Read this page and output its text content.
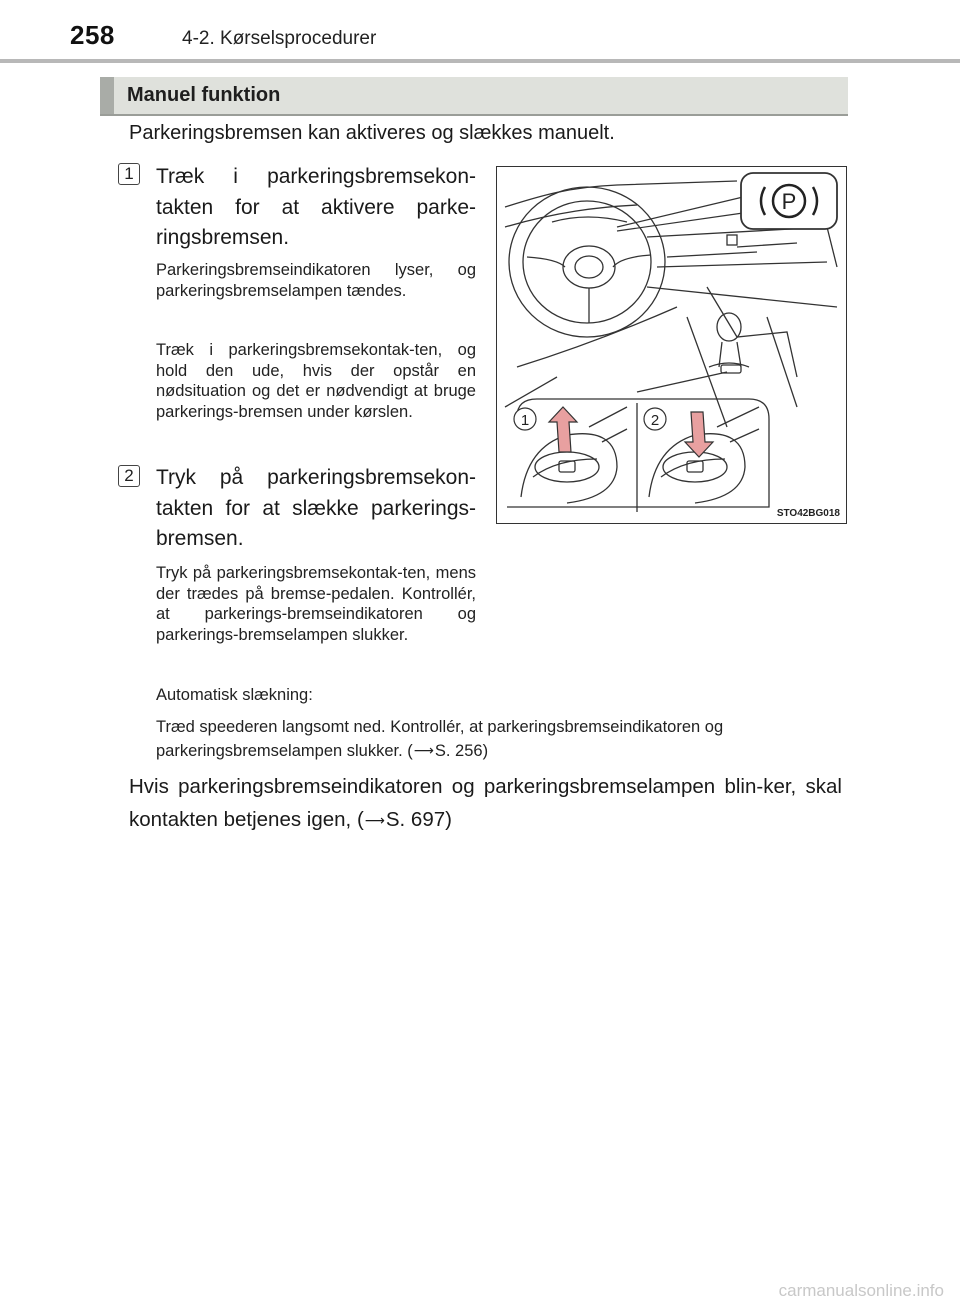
258	4-2. Kørselsprocedurer
Manuel funktion
Parkeringsbremsen kan aktiveres og slækkes manuelt.
1 Træk i parkeringsbremsekon-takten for at aktivere parke-ringsbremsen.
Parkeringsbremseindikatoren lyser, og parkeringsbremselampen tændes.
Træk i parkeringsbremsekontak-ten, og hold den ude, hvis der opstår en nødsituation og det er nødvendigt at bruge parkerings-bremsen under kørslen.
2 Tryk på parkeringsbremsekon-takten for at slække parkerings-bremsen.
Tryk på parkeringsbremsekontak-ten, mens der trædes på bremse-pedalen. Kontrollér, at parkerings-bremseindikatoren og parkerings-bremselampen slukker.
Automatisk slækning:
Træd speederen langsomt ned. Kontrollér, at parkeringsbremseindikatoren og parkeringsbremselampen slukker. (⟶S. 256)
Hvis parkeringsbremseindikatoren og parkeringsbremselampen blin-ker, skal kontakten betjenes igen, (⟶S. 697)
1	2
P
STO42BG018
carmanualsonline.info
